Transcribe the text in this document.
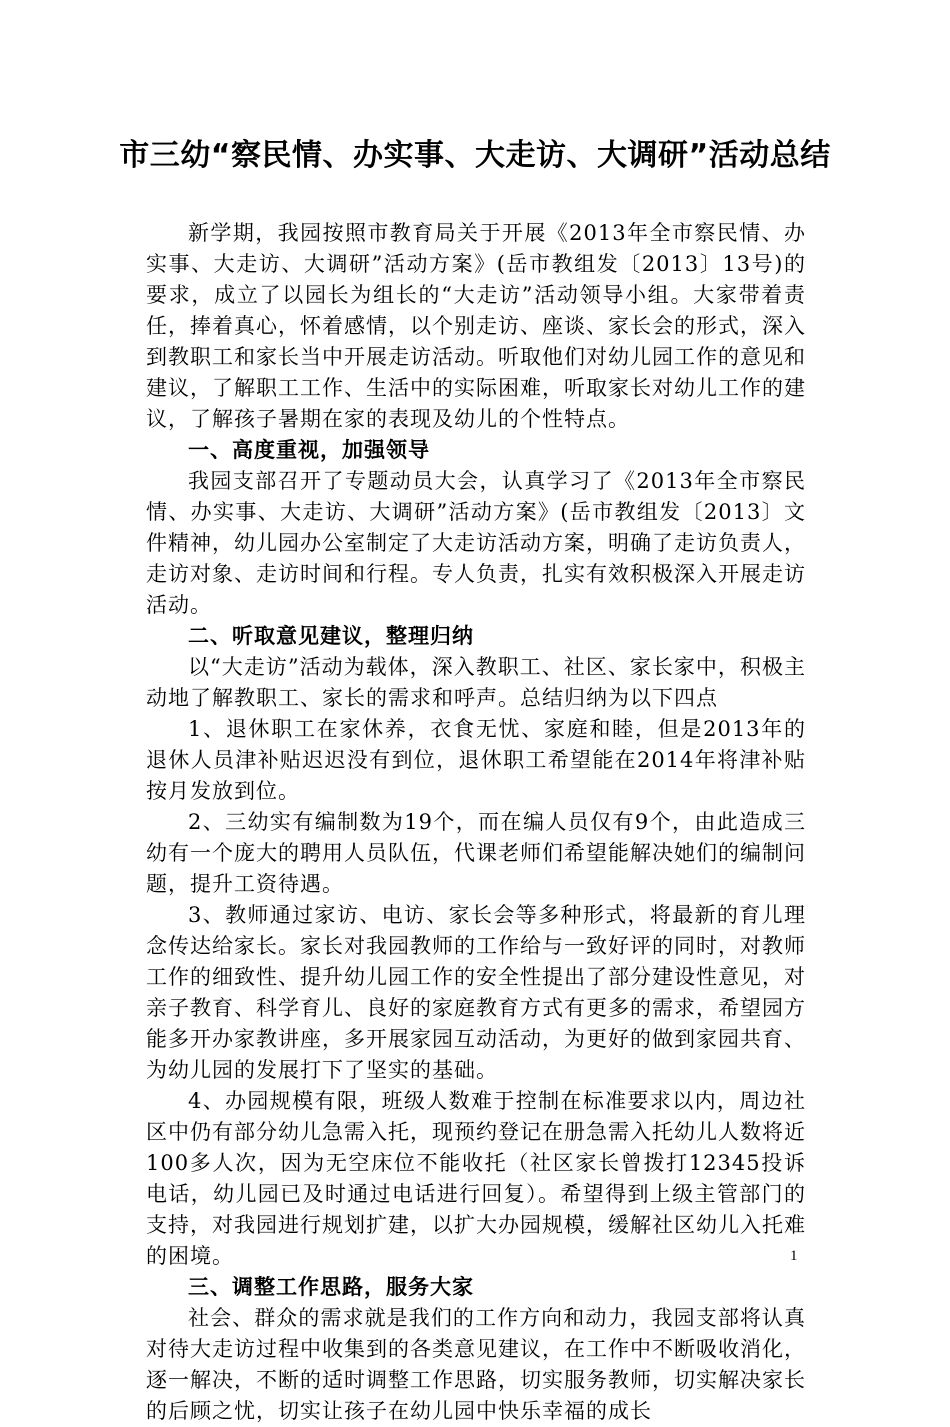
市三幼“察民情、办实事、大走访、大调研”活动总结

新学期，我园按照市教育局关于开展《2013年全市察民情、办实事、大走访、大调研”活动方案》(岳市教组发〔2013〕13号)的要求，成立了以园长为组长的“大走访”活动领导小组。大家带着责任，捧着真心，怀着感情，以个别走访、座谈、家长会的形式，深入到教职工和家长当中开展走访活动。听取他们对幼儿园工作的意见和建议，了解职工工作、生活中的实际困难，听取家长对幼儿工作的建议，了解孩子暑期在家的表现及幼儿的个性特点。

一、高度重视，加强领导

我园支部召开了专题动员大会，认真学习了《2013年全市察民情、办实事、大走访、大调研”活动方案》(岳市教组发〔2013〕文件精神，幼儿园办公室制定了大走访活动方案，明确了走访负责人，走访对象、走访时间和行程。专人负责，扎实有效积极深入开展走访活动。

二、听取意见建议，整理归纳

以“大走访”活动为载体，深入教职工、社区、家长家中，积极主动地了解教职工、家长的需求和呼声。总结归纳为以下四点

1、退休职工在家休养，衣食无忧、家庭和睦，但是2013年的退休人员津补贴迟迟没有到位，退休职工希望能在2014年将津补贴按月发放到位。

2、三幼实有编制数为19个，而在编人员仅有9个，由此造成三幼有一个庞大的聘用人员队伍，代课老师们希望能解决她们的编制问题，提升工资待遇。

3、教师通过家访、电访、家长会等多种形式，将最新的育儿理念传达给家长。家长对我园教师的工作给与一致好评的同时，对教师工作的细致性、提升幼儿园工作的安全性提出了部分建设性意见，对亲子教育、科学育儿、良好的家庭教育方式有更多的需求，希望园方能多开办家教讲座，多开展家园互动活动，为更好的做到家园共育、为幼儿园的发展打下了坚实的基础。

4、办园规模有限，班级人数难于控制在标准要求以内，周边社区中仍有部分幼儿急需入托，现预约登记在册急需入托幼儿人数将近100多人次，因为无空床位不能收托（社区家长曾拨打12345投诉电话，幼儿园已及时通过电话进行回复）。希望得到上级主管部门的支持，对我园进行规划扩建，以扩大办园规模，缓解社区幼儿入托难的困境。

三、调整工作思路，服务大家

社会、群众的需求就是我们的工作方向和动力，我园支部将认真对待大走访过程中收集到的各类意见建议，在工作中不断吸收消化，逐一解决，不断的适时调整工作思路，切实服务教师，切实解决家长的后顾之忧，切实让孩子在幼儿园中快乐幸福的成长

1
